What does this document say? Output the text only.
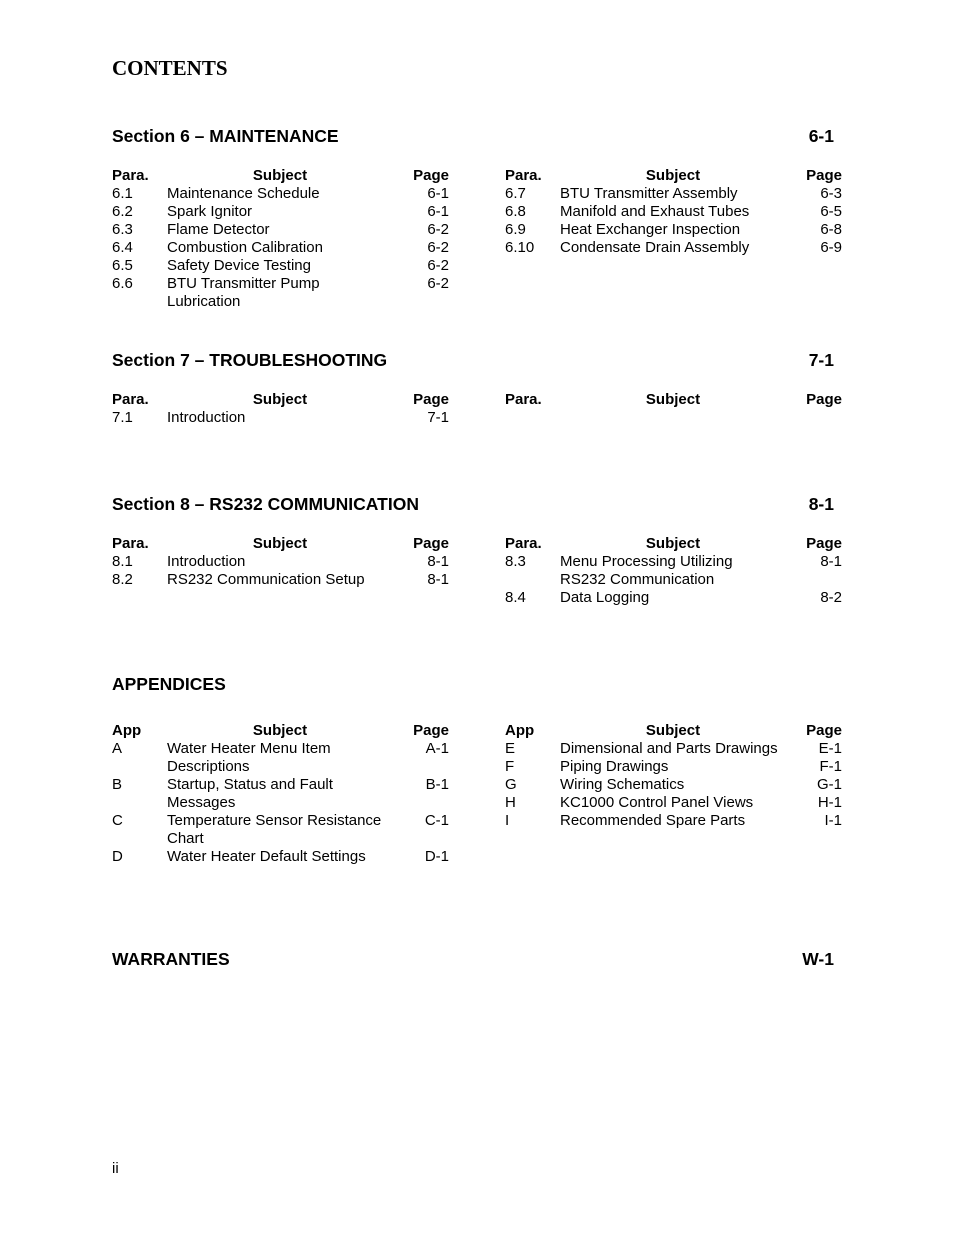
CONTENTS
Section 6 – MAINTENANCE	6-1
Para.	Subject	Page
6.1	Maintenance Schedule	6-1
6.2	Spark Ignitor	6-1
6.3	Flame Detector	6-2
6.4	Combustion Calibration	6-2
6.5	Safety Device Testing	6-2
6.6	BTU Transmitter Pump	6-2
Lubrication
Para.	Subject	Page
6.7	BTU Transmitter Assembly	6-3
6.8	Manifold and Exhaust Tubes	6-5
6.9	Heat Exchanger Inspection	6-8
6.10	Condensate Drain Assembly	6-9
Section 7 – TROUBLESHOOTING	7-1
Para.	Subject	Page
7.1	Introduction	7-1
Para.	Subject	Page
Section 8 – RS232 COMMUNICATION	8-1
Para.	Subject	Page
8.1	Introduction	8-1
8.2	RS232 Communication Setup	8-1
Para.	Subject	Page
8.3	Menu Processing Utilizing	8-1
RS232 Communication
8.4	Data Logging	8-2
APPENDICES
App	Subject	Page
A	Water Heater Menu Item	A-1
Descriptions
B	Startup, Status and Fault	B-1
Messages
C	Temperature Sensor Resistance	C-1
Chart
D	Water Heater Default Settings	D-1
App	Subject	Page
E	Dimensional and Parts Drawings	E-1
F	Piping Drawings	F-1
G	Wiring Schematics	G-1
H	KC1000 Control Panel Views	H-1
I	Recommended Spare Parts	I-1
WARRANTIES	W-1
ii
